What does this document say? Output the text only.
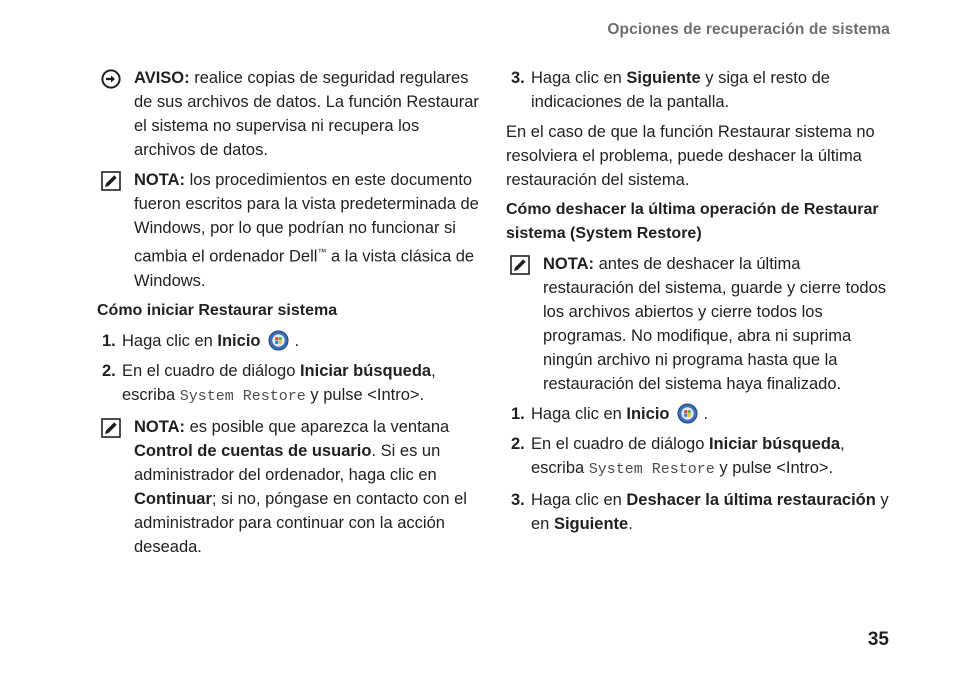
Opciones de recuperación de sistema

AVISO: realice copias de seguridad regulares de sus archivos de datos. La función Restaurar el sistema no supervisa ni recupera los archivos de datos.

NOTA: los procedimientos en este documento fueron escritos para la vista predeterminada de Windows, por lo que podrían no funcionar si cambia el ordenador Dell™ a la vista clásica de Windows.

Cómo iniciar Restaurar sistema

1. Haga clic en Inicio .

2. En el cuadro de diálogo Iniciar búsqueda, escriba System Restore y pulse <Intro>.

NOTA: es posible que aparezca la ventana Control de cuentas de usuario. Si es un administrador del ordenador, haga clic en Continuar; si no, póngase en contacto con el administrador para continuar con la acción deseada.

3. Haga clic en Siguiente y siga el resto de indicaciones de la pantalla.

En el caso de que la función Restaurar sistema no resolviera el problema, puede deshacer la última restauración del sistema.

Cómo deshacer la última operación de Restaurar sistema (System Restore)

NOTA: antes de deshacer la última restauración del sistema, guarde y cierre todos los archivos abiertos y cierre todos los programas. No modifique, abra ni suprima ningún archivo ni programa hasta que la restauración del sistema haya finalizado.

1. Haga clic en Inicio .

2. En el cuadro de diálogo Iniciar búsqueda, escriba System Restore y pulse <Intro>.

3. Haga clic en Deshacer la última restauración y en Siguiente.

35
